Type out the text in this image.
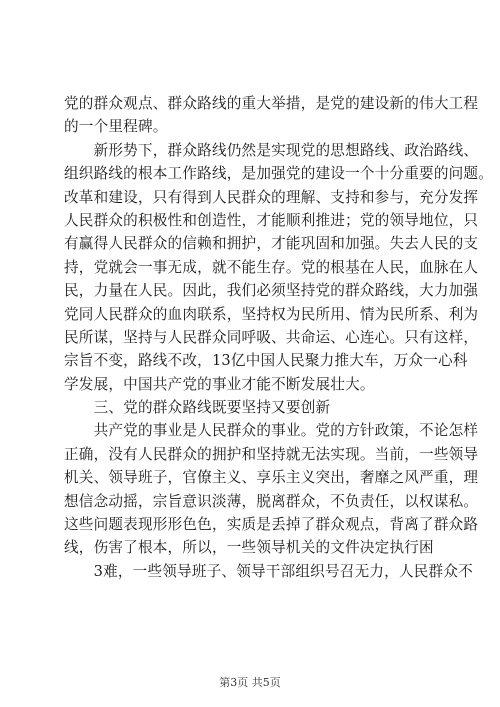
党的群众观点、群众路线的重大举措，是党的建设新的伟大工程
的一个里程碑。
　　新形势下，群众路线仍然是实现党的思想路线、政治路线、
组织路线的根本工作路线，是加强党的建设一个十分重要的问题。
改革和建设，只有得到人民群众的理解、支持和参与，充分发挥
人民群众的积极性和创造性，才能顺利推进；党的领导地位，只
有赢得人民群众的信赖和拥护，才能巩固和加强。失去人民的支
持，党就会一事无成，就不能生存。党的根基在人民，血脉在人
民，力量在人民。因此，我们必须坚持党的群众路线，大力加强
党同人民群众的血肉联系，坚持权为民所用、情为民所系、利为
民所谋，坚持与人民群众同呼吸、共命运、心连心。只有这样，
宗旨不变，路线不改，13亿中国人民聚力推大车，万众一心科
学发展，中国共产党的事业才能不断发展壮大。
　　三、党的群众路线既要坚持又要创新
　　共产党的事业是人民群众的事业。党的方针政策，不论怎样
正确，没有人民群众的拥护和坚持就无法实现。当前，一些领导
机关、领导班子，官僚主义、享乐主义突出，奢靡之风严重，理
想信念动摇，宗旨意识淡薄，脱离群众，不负责任，以权谋私。
这些问题表现形形色色，实质是丢掉了群众观点，背离了群众路
线，伤害了根本，所以，一些领导机关的文件决定执行困
　　3难，一些领导班子、领导干部组织号召无力，人民群众不
第3页 共5页
